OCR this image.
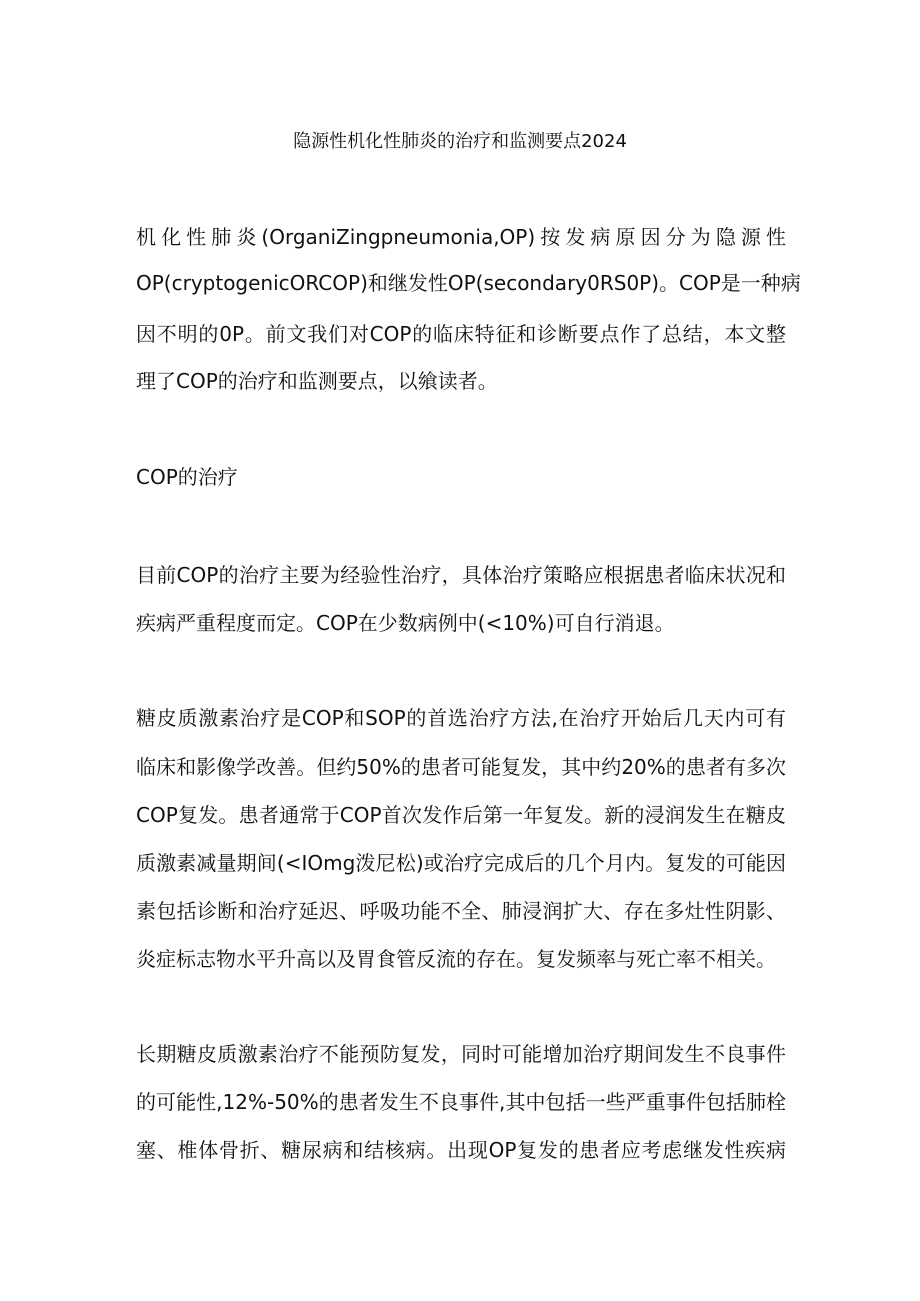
隐源性机化性肺炎的治疗和监测要点2024
机化性肺炎(OrganiZingpneumonia,OP)按发病原因分为隐源性
OP(cryptogenicORCOP)和继发性OP(secondary0RS0P)。COP是一种病
因不明的0P。前文我们对COP的临床特征和诊断要点作了总结，本文整
理了COP的治疗和监测要点，以飨读者。
COP的治疗
目前COP的治疗主要为经验性治疗，具体治疗策略应根据患者临床状况和
疾病严重程度而定。COP在少数病例中(<10%)可自行消退。
糖皮质激素治疗是COP和SOP的首选治疗方法,在治疗开始后几天内可有
临床和影像学改善。但约50%的患者可能复发，其中约20%的患者有多次
COP复发。患者通常于COP首次发作后第一年复发。新的浸润发生在糖皮
质激素减量期间(<IOmg泼尼松)或治疗完成后的几个月内。复发的可能因
素包括诊断和治疗延迟、呼吸功能不全、肺浸润扩大、存在多灶性阴影、
炎症标志物水平升高以及胃食管反流的存在。复发频率与死亡率不相关。
长期糖皮质激素治疗不能预防复发，同时可能增加治疗期间发生不良事件
的可能性,12%-50%的患者发生不良事件,其中包括一些严重事件包括肺栓
塞、椎体骨折、糖尿病和结核病。出现OP复发的患者应考虑继发性疾病
